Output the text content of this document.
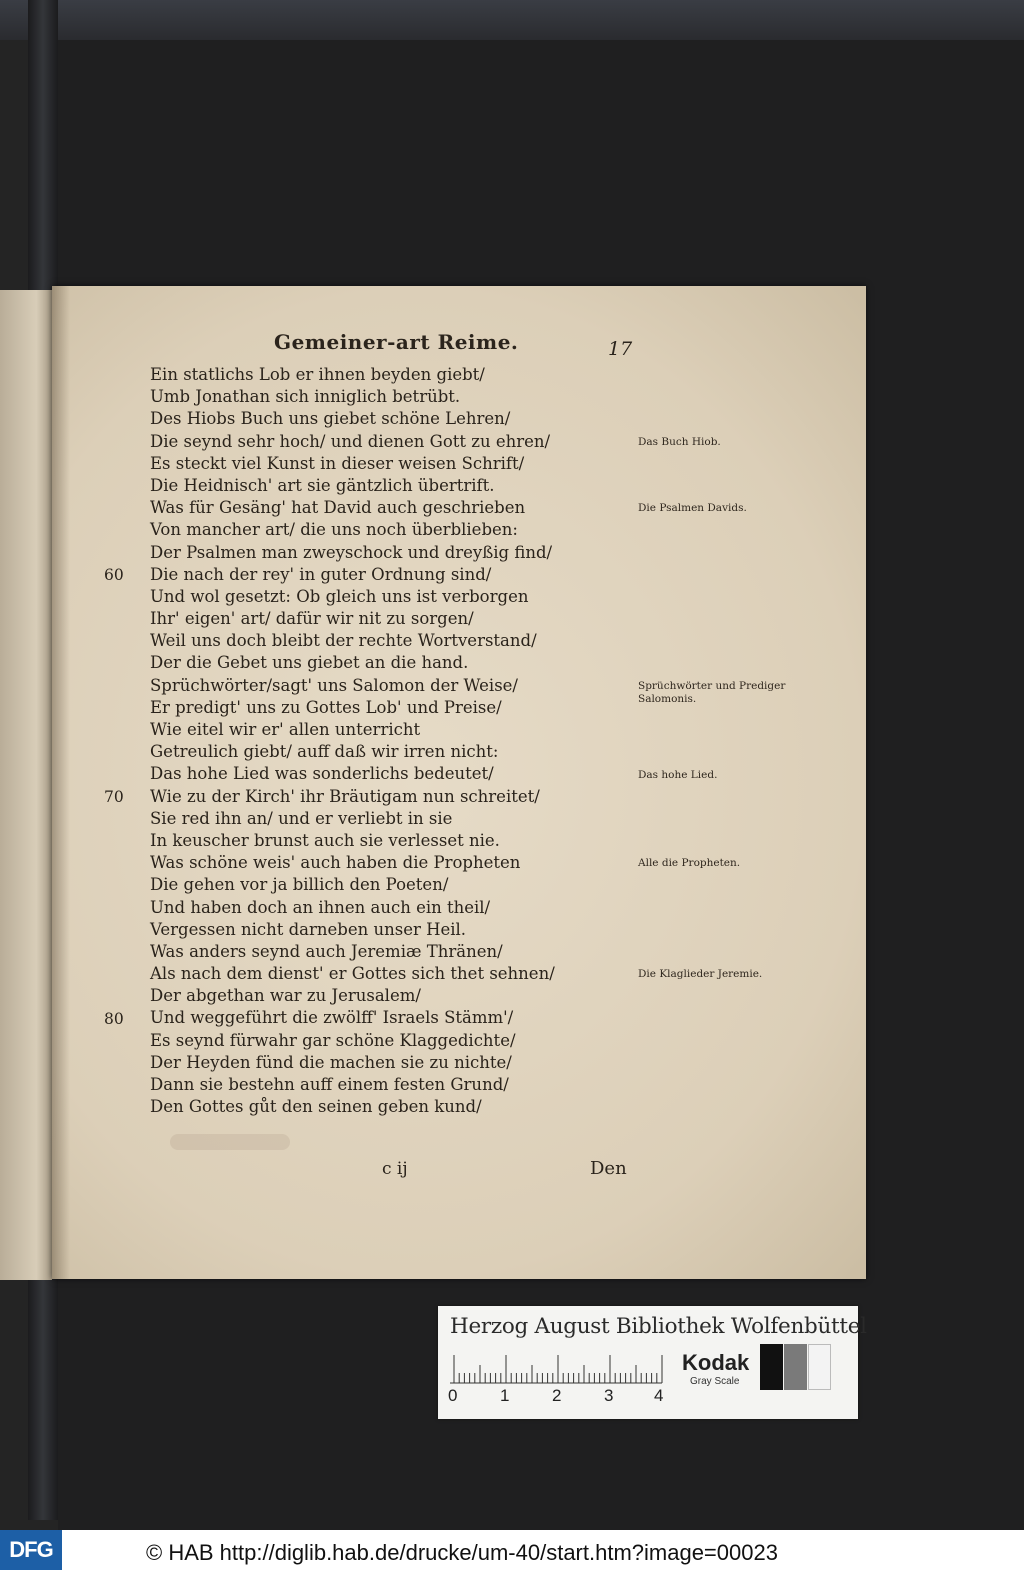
Gemeiner-art Reime.	17
Ein statlichs Lob er ihnen beyden giebt/
Umb Jonathan sich inniglich betrübt.
Des Hiobs Buch uns giebet schöne Lehren/
Die seynd sehr hoch/ und dienen Gott zu ehren/
Es steckt viel Kunst in dieser weisen Schrift/
Die Heidnisch' art sie gäntzlich übertrift.
Was für Gesäng' hat David auch geschrieben
Von mancher art/ die uns noch überblieben:
Der Psalmen man zweyschock und dreyßig find/
Die nach der rey' in guter Ordnung sind/
Und wol gesetzt: Ob gleich uns ist verborgen
Ihr' eigen' art/ dafür wir nit zu sorgen/
Weil uns doch bleibt der rechte Wortverstand/
Der die Gebet uns giebet an die hand.
Sprüchwörter/sagt' uns Salomon der Weise/
Er predigt' uns zu Gottes Lob' und Preise/
Wie eitel wir er' allen unterricht
Getreulich giebt/ auff daß wir irren nicht:
Das hohe Lied was sonderlichs bedeutet/
Wie zu der Kirch' ihr Bräutigam nun schreitet/
Sie red ihn an/ und er verliebt in sie
In keuscher brunst auch sie verlesset nie.
Was schöne weis' auch haben die Propheten
Die gehen vor ja billich den Poeten/
Und haben doch an ihnen auch ein theil/
Vergessen nicht darneben unser Heil.
Was anders seynd auch Jeremiæ Thränen/
Als nach dem dienst' er Gottes sich thet sehnen/
Der abgethan war zu Jerusalem/
Und weggeführt die zwölff' Israels Stämm'/
Es seynd fürwahr gar schöne Klaggedichte/
Der Heyden fünd die machen sie zu nichte/
Dann sie bestehn auff einem festen Grund/
Den Gottes gůt den seinen geben kund/
60
70
80
Das Buch Hiob.
Die Psalmen Davids.
Sprüchwörter und Prediger Salomonis.
Das hohe Lied.
Alle die Propheten.
Die Klaglieder Jeremie.
c ij	Den
Herzog August Bibliothek Wolfenbüttel
0	1	2	3 4
Kodak
Gray Scale
DFG	© HAB http://diglib.hab.de/drucke/um-40/start.htm?image=00023
